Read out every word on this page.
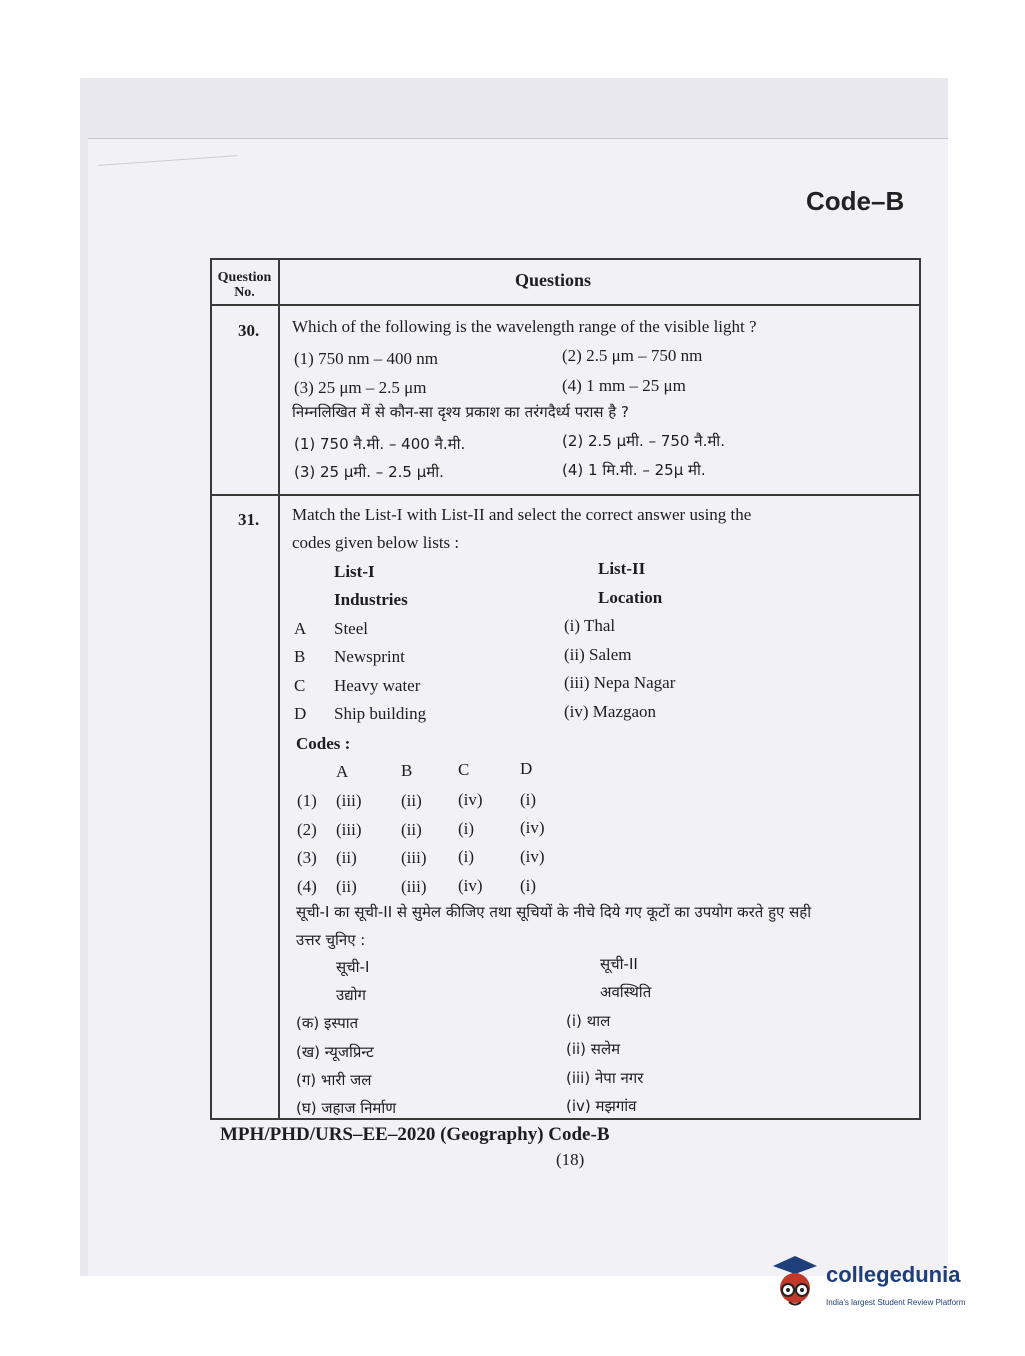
Code–B
Question
No.
Questions
30. Which of the following is the wavelength range of the visible light ?
(1) 750 nm – 400 nm	(2) 2.5 μm – 750 nm
(3) 25 μm – 2.5 μm	(4) 1 mm – 25 μm
निम्नलिखित में से कौन-सा दृश्य प्रकाश का तरंगदैर्ध्य परास है ?
(1) 750 नै.मी. – 400 नै.मी.	(2) 2.5 μमी. – 750 नै.मी.
(3) 25 μमी. – 2.5 μमी.	(4) 1 मि.मी. – 25μ मी.
31. Match the List-I with List-II and select the correct answer using the
codes given below lists :
List-I	List-II
Industries	Location
A Steel	(i) Thal
B Newsprint	(ii) Salem
C Heavy water	(iii) Nepa Nagar
D Ship building	(iv) Mazgaon
Codes :
A	B	C	D
(1) (iii) (ii) (iv) (i)
(2) (iii) (ii) (i)	(iv)
(3) (ii)	(iii) (i)	(iv)
(4) (ii)	(iii) (iv) (i)
सूची-I का सूची-II से सुमेल कीजिए तथा सूचियों के नीचे दिये गए कूटों का उपयोग करते हुए सही
उत्तर चुनिए :
सूची-I	सूची-II
उद्योग	अवस्थिति
(क) इस्पात	(i) थाल
(ख) न्यूजप्रिन्ट	(ii) सलेम
(ग) भारी जल	(iii) नेपा नगर
(घ) जहाज निर्माण	(iv) मझगांव
MPH/PHD/URS–EE–2020 (Geography) Code-B
(18)
collegedunia
India's largest Student Review Platform
